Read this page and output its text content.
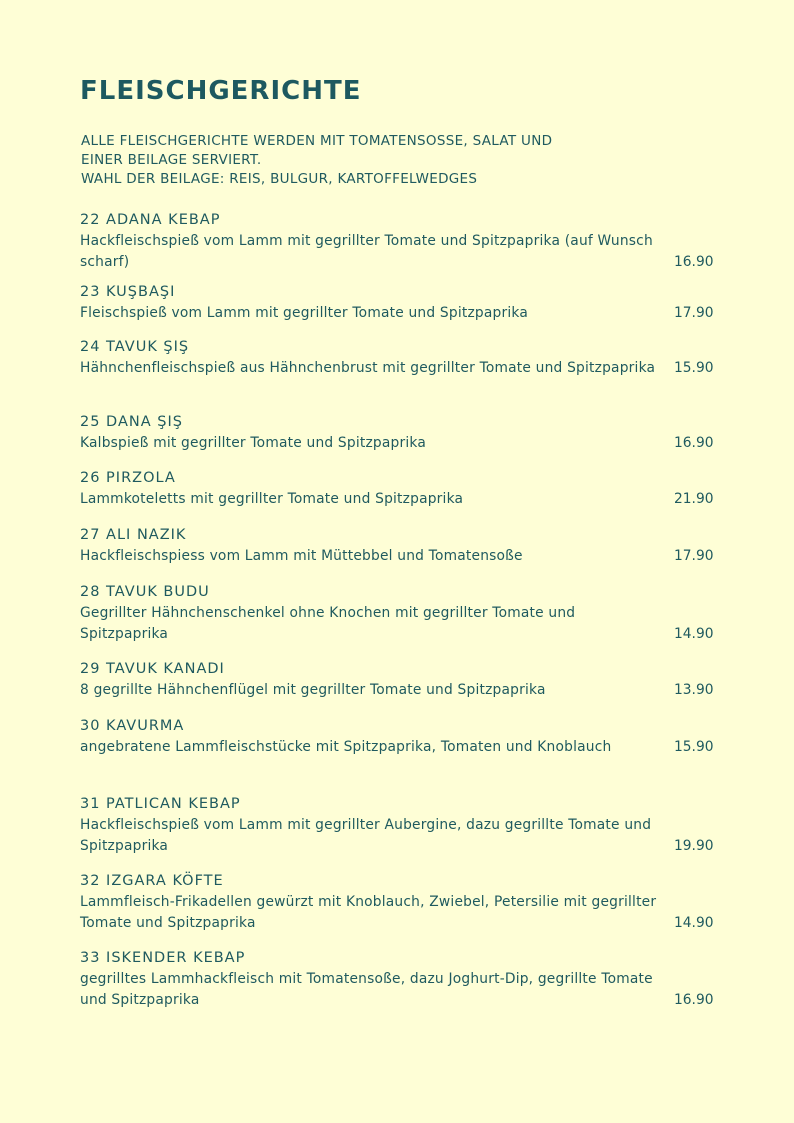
FLEISCHGERICHTE
ALLE FLEISCHGERICHTE WERDEN MIT TOMATENSOSSE, SALAT UND
EINER BEILAGE SERVIERT.
WAHL DER BEILAGE: REIS, BULGUR, KARTOFFELWEDGES
22 ADANA KEBAP
Hackfleischspieß vom Lamm mit gegrillter Tomate und Spitzpaprika (auf Wunsch scharf)	16.90
23 KUŞBAŞI
Fleischspieß vom Lamm mit gegrillter Tomate und Spitzpaprika	17.90
24 TAVUK ŞIŞ
Hähnchenfleischspieß aus Hähnchenbrust mit gegrillter Tomate und Spitzpaprika	15.90
25 DANA ŞIŞ
Kalbspieß mit gegrillter Tomate und Spitzpaprika	16.90
26 PIRZOLA
Lammkoteletts mit gegrillter Tomate und Spitzpaprika	21.90
27 ALI NAZIK
Hackfleischspiess vom Lamm mit Müttebbel und Tomatensoße	17.90
28 TAVUK BUDU
Gegrillter Hähnchenschenkel ohne Knochen mit gegrillter Tomate und Spitzpaprika	14.90
29 TAVUK KANADI
8 gegrillte Hähnchenflügel mit gegrillter Tomate und Spitzpaprika	13.90
30 KAVURMA
angebratene Lammfleischstücke mit Spitzpaprika, Tomaten und Knoblauch	15.90
31 PATLICAN KEBAP
Hackfleischspieß vom Lamm mit gegrillter Aubergine, dazu gegrillte Tomate und Spitzpaprika	19.90
32 IZGARA KÖFTE
Lammfleisch-Frikadellen gewürzt mit Knoblauch, Zwiebel, Petersilie mit gegrillter Tomate und Spitzpaprika	14.90
33 ISKENDER KEBAP
gegrilltes Lammhackfleisch mit Tomatensoße, dazu Joghurt-Dip, gegrillte Tomate und Spitzpaprika	16.90
